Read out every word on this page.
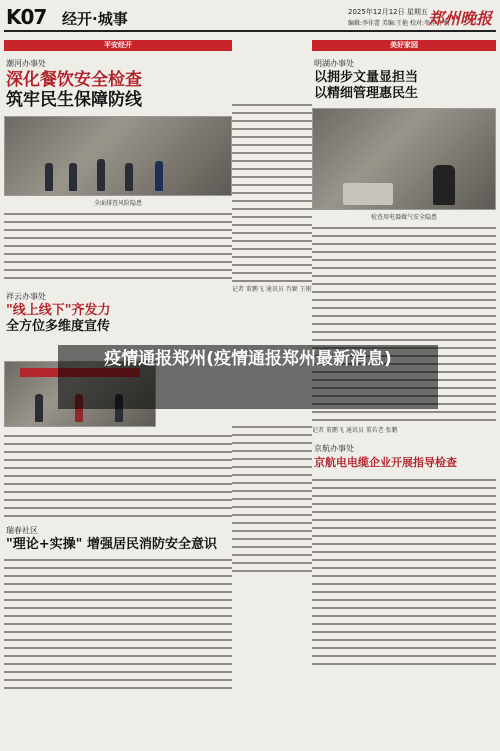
K07 经开·城事	2025年12月12日 星期五
编辑:李佳蕾 美编:王艳 校对:李佳 丁梅
郑州晚报
平安经开
潮河办事处
深化餐饮安全检查
筑牢民生保障防线
全面排查风险隐患
祥云办事处
"线上线下"齐发力
全方位多维度宣传
瑞春社区
"理论+实操" 增强居民消防安全意识
记者 董鹏飞 通讯员 肖颖 王刚
美好家园
明湖办事处
以拥步文量显担当
以精细管理惠民生
检查用电器做气安全隐患
记者 董鹏飞 通讯员 董若老 张鹏
京航办事处
京航电电缆企业开展指导检查
疫情通报郑州(疫情通报郑州最新消息)
